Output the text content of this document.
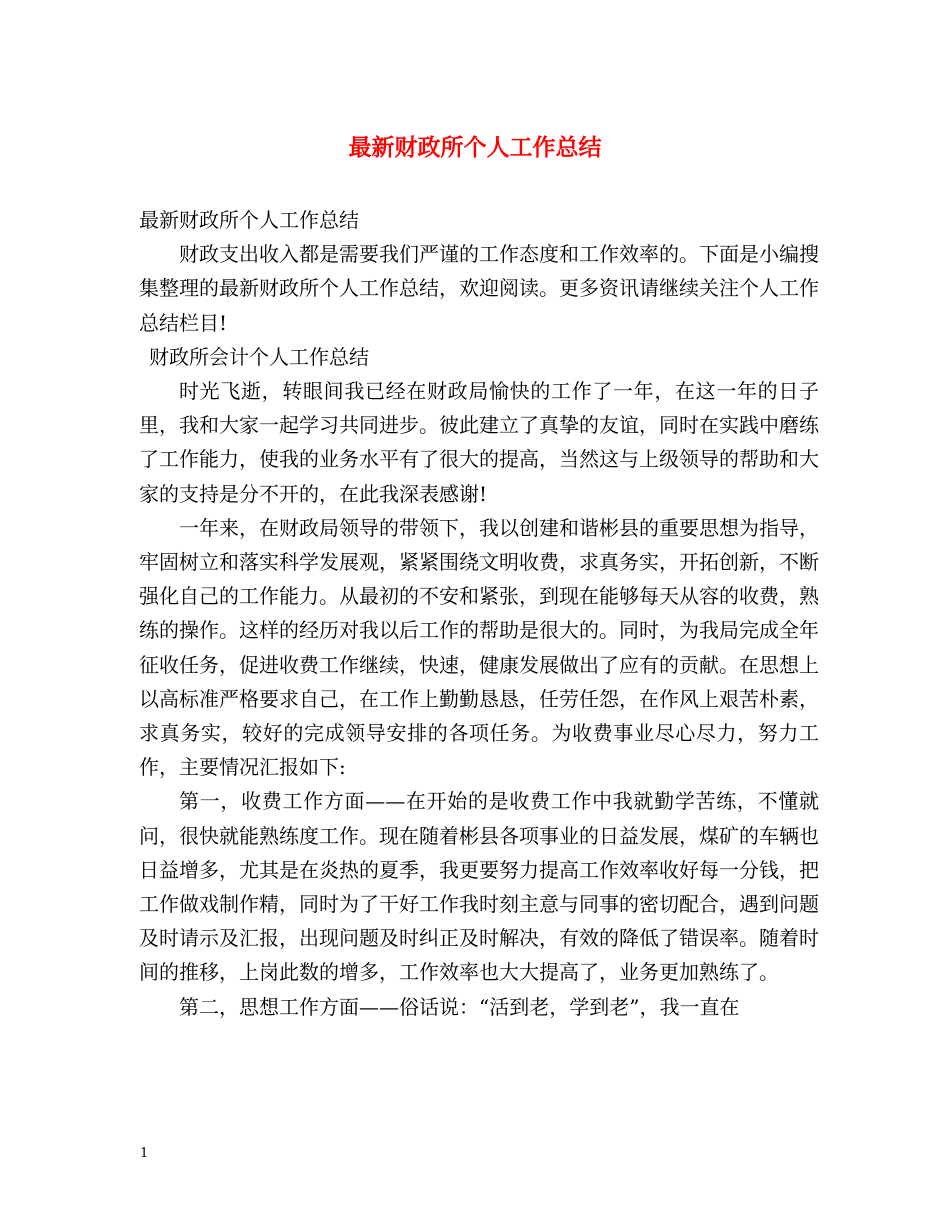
最新财政所个人工作总结

最新财政所个人工作总结

财政支出收入都是需要我们严谨的工作态度和工作效率的。下面是小编搜集整理的最新财政所个人工作总结，欢迎阅读。更多资讯请继续关注个人工作总结栏目!

财政所会计个人工作总结

时光飞逝，转眼间我已经在财政局愉快的工作了一年，在这一年的日子里，我和大家一起学习共同进步。彼此建立了真挚的友谊，同时在实践中磨练了工作能力，使我的业务水平有了很大的提高，当然这与上级领导的帮助和大家的支持是分不开的，在此我深表感谢!

一年来，在财政局领导的带领下，我以创建和谐彬县的重要思想为指导，牢固树立和落实科学发展观，紧紧围绕文明收费，求真务实，开拓创新，不断强化自己的工作能力。从最初的不安和紧张，到现在能够每天从容的收费，熟练的操作。这样的经历对我以后工作的帮助是很大的。同时，为我局完成全年征收任务，促进收费工作继续，快速，健康发展做出了应有的贡献。在思想上以高标准严格要求自己，在工作上勤勤恳恳，任劳任怨，在作风上艰苦朴素，求真务实，较好的完成领导安排的各项任务。为收费事业尽心尽力，努力工作，主要情况汇报如下:

第一，收费工作方面——在开始的是收费工作中我就勤学苦练，不懂就问，很快就能熟练度工作。现在随着彬县各项事业的日益发展，煤矿的车辆也日益增多，尤其是在炎热的夏季，我更要努力提高工作效率收好每一分钱，把工作做戏制作精，同时为了干好工作我时刻主意与同事的密切配合，遇到问题及时请示及汇报，出现问题及时纠正及时解决，有效的降低了错误率。随着时间的推移，上岗此数的增多，工作效率也大大提高了，业务更加熟练了。

第二，思想工作方面——俗话说：“活到老，学到老”，我一直在

1
